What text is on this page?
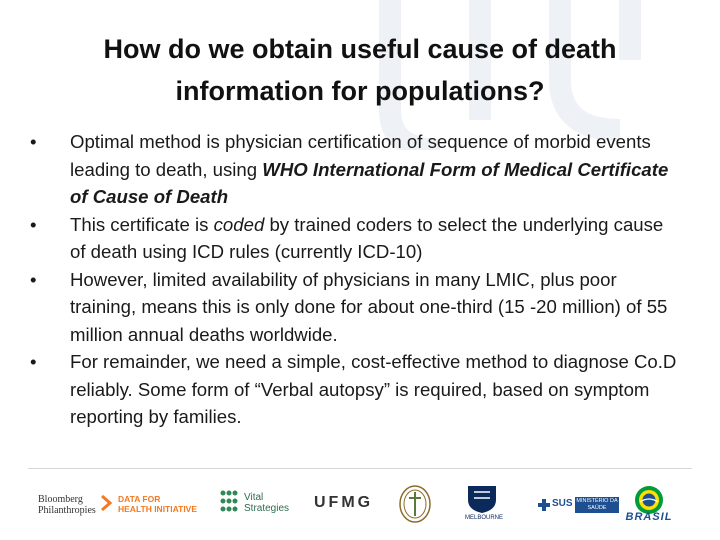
How do we obtain useful cause of death
information for populations?
•	Optimal method is physician certification of sequence of morbid events leading to death, using WHO International Form of Medical Certificate of Cause of Death
•	This certificate is coded by trained coders to select the underlying cause of death using ICD rules (currently ICD-10)
•	However, limited availability of physicians in many LMIC, plus poor training, means this is only done for about one-third (15 -20 million) of 55 million annual deaths worldwide.
•	For remainder, we need a simple, cost-effective method to diagnose Co.D reliably. Some form of “Verbal autopsy” is required, based on symptom reporting by families.
Bloomberg
Philanthropies
DATA FOR
HEALTH INITIATIVE
Vital
Strategies	UFMG
MELBOURNE
SUS MINISTÉRIO DA
SAÚDE
BRASIL
